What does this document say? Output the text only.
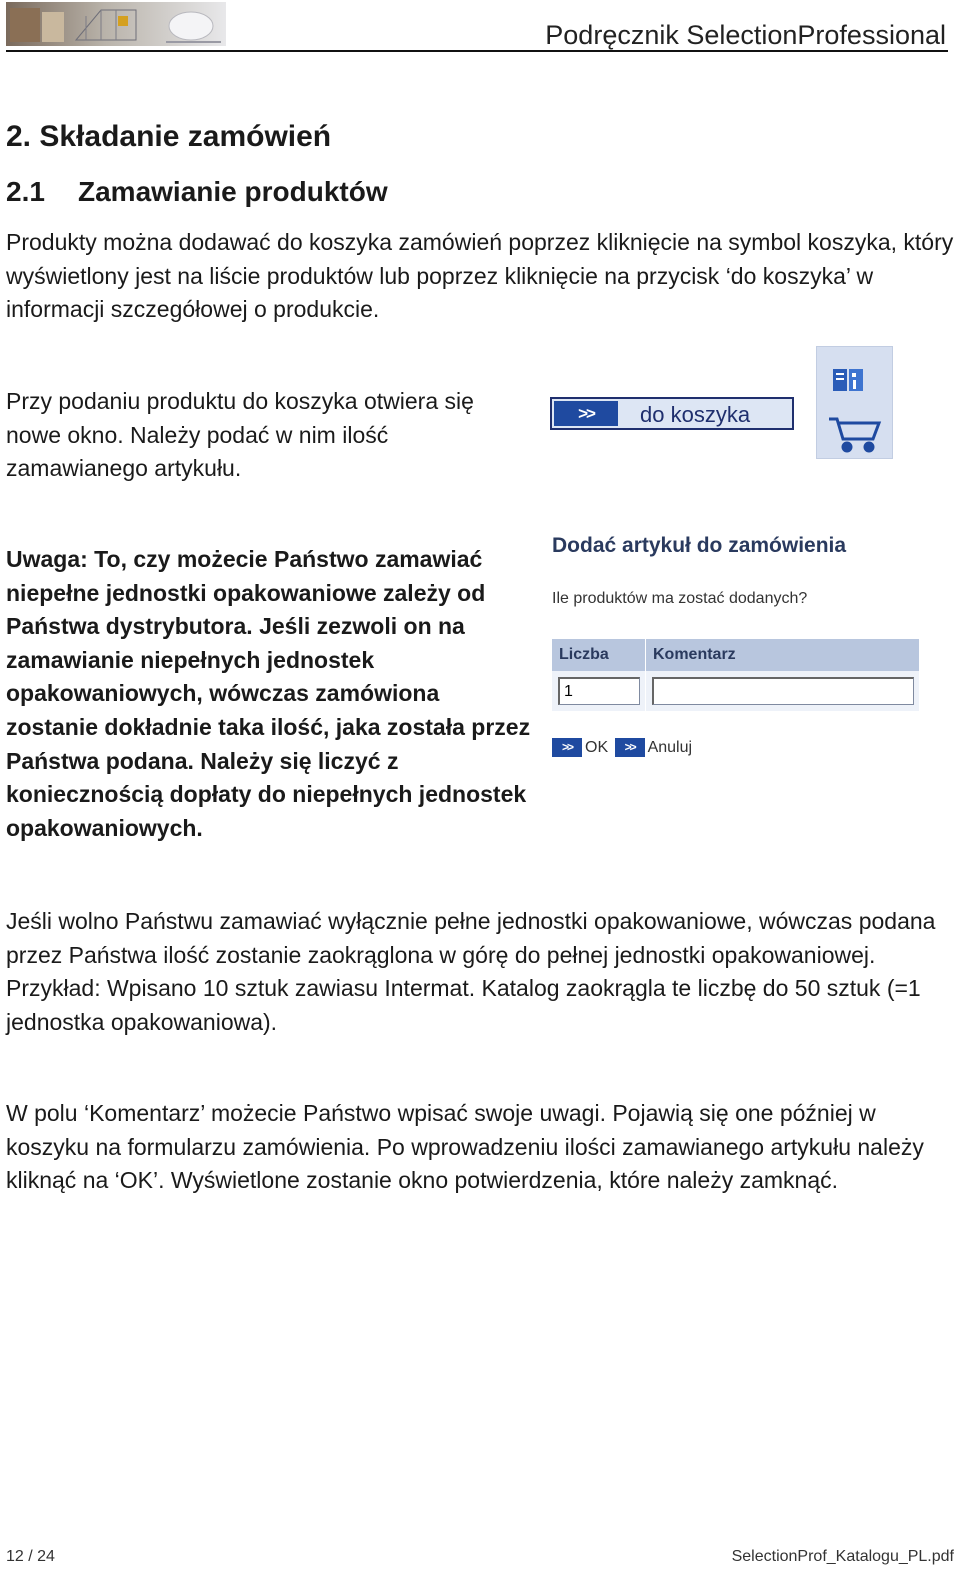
Podręcznik SelectionProfessional
2. Składanie zamówień
2.1 Zamawianie produktów

Produkty można dodawać do koszyka zamówień poprzez kliknięcie na symbol koszyka, który wyświetlony jest na liście produktów lub poprzez kliknięcie na przycisk ‘do koszyka’ w informacji szczegółowej o produkcie.

Przy podaniu produktu do koszyka otwiera się nowe okno. Należy podać w nim ilość zamawianego artykułu.

Uwaga: To, czy możecie Państwo zamawiać niepełne jednostki opakowaniowe zależy od Państwa dystrybutora. Jeśli zezwoli on na zamawianie niepełnych jednostek opakowaniowych, wówczas zamówiona zostanie dokładnie taka ilość, jaka została przez Państwa podana. Należy się liczyć z koniecznością dopłaty do niepełnych jednostek opakowaniowych.

Jeśli wolno Państwu zamawiać wyłącznie pełne jednostki opakowaniowe, wówczas podana przez Państwa ilość zostanie zaokrąglona w górę do pełnej jednostki opakowaniowej. Przykład: Wpisano 10 sztuk zawiasu Intermat. Katalog zaokrągla te liczbę do 50 sztuk (=1 jednostka opakowaniowa).

W polu ‘Komentarz’ możecie Państwo wpisać swoje uwagi. Pojawią się one później w koszyku na formularzu zamówienia. Po wprowadzeniu ilości zamawianego artykułu należy kliknąć na ‘OK’. Wyświetlone zostanie okno potwierdzenia, które należy zamknąć.

>>	do koszyka
Dodać artykuł do zamówienia
Ile produktów ma zostać dodanych?
Liczba	Komentarz
1
>> OK
	>> Anuluj
12 / 24	SelectionProf_Katalogu_PL.pdf
